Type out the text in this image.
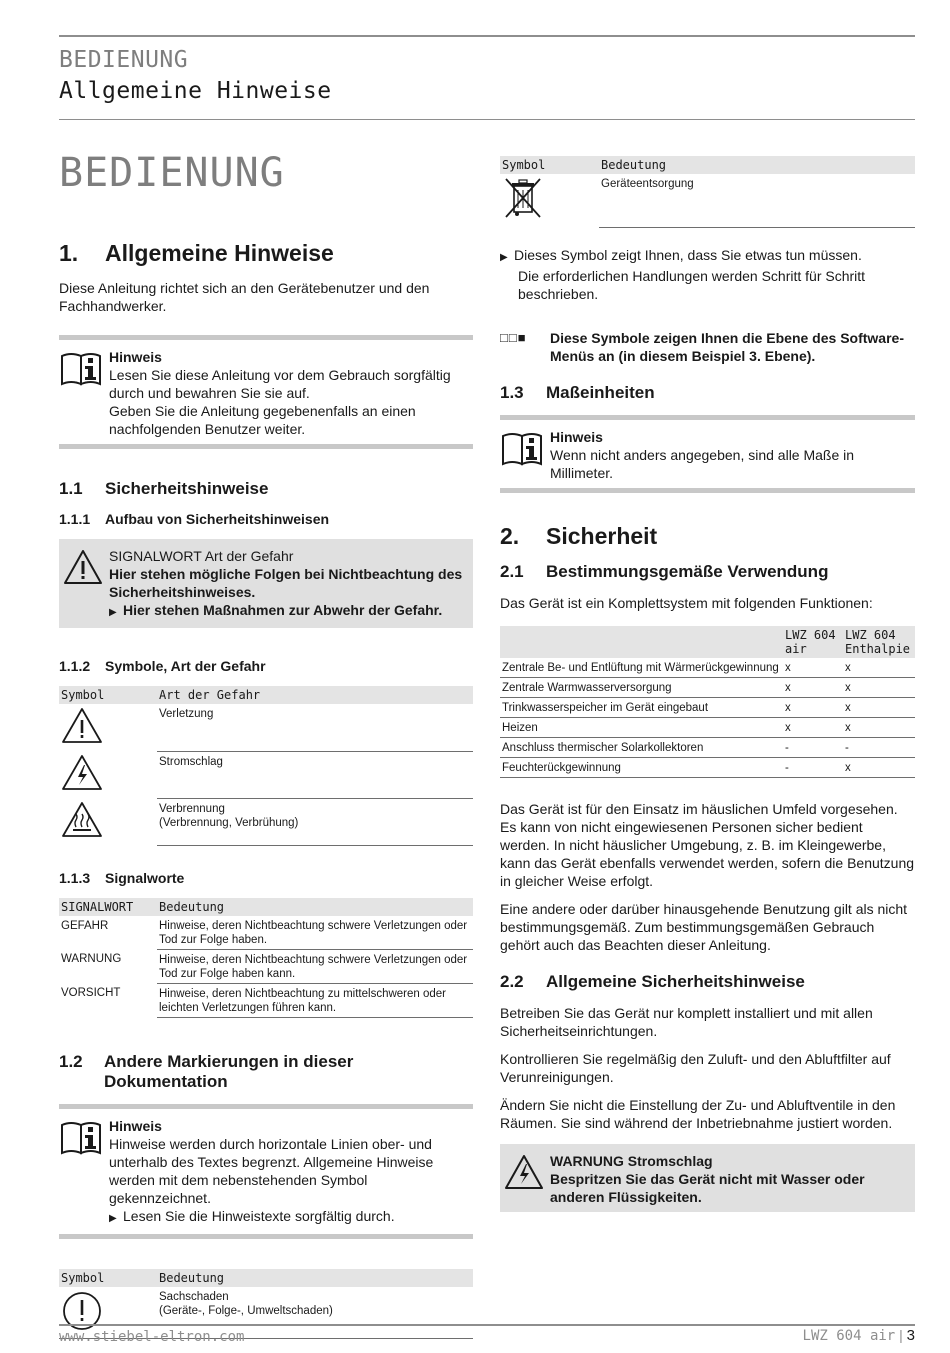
BEDIENUNG
Allgemeine Hinweise
BEDIENUNG
1.	Allgemeine Hinweise

Diese Anleitung richtet sich an den Gerätebenutzer und den Fachhandwerker.

Hinweis
Lesen Sie diese Anleitung vor dem Gebrauch sorgfältig durch und bewahren Sie sie auf.
Geben Sie die Anleitung gegebenenfalls an einen nachfolgenden Benutzer weiter.
1.1	Sicherheitshinweise
1.1.1	Aufbau von Sicherheitshinweisen
SIGNALWORT Art der Gefahr
Hier stehen mögliche Folgen bei Nichtbeachtung des Sicherheitshinweises.
▶ Hier stehen Maßnahmen zur Abwehr der Gefahr.
1.1.2	Symbole, Art der Gefahr
Symbol	Art der Gefahr
	Verletzung
	Stromschlag
	Verbrennung
(Verbrennung, Verbrühung)
1.1.3	Signalworte
SIGNALWORT	Bedeutung
GEFAHR	Hinweise, deren Nichtbeachtung schwere Verletzungen oder Tod zur Folge haben.
WARNUNG	Hinweise, deren Nichtbeachtung schwere Verletzungen oder Tod zur Folge haben kann.
VORSICHT	Hinweise, deren Nichtbeachtung zu mittelschweren oder leichten Verletzungen führen kann.
1.2	Andere Markierungen in dieser Dokumentation
Hinweis
Hinweise werden durch horizontale Linien ober- und unterhalb des Textes begrenzt. Allgemeine Hinweise werden mit dem nebenstehenden Symbol gekennzeichnet.
▶ Lesen Sie die Hinweistexte sorgfältig durch.
Symbol	Bedeutung
	Sachschaden
(Geräte-, Folge-, Umweltschaden)
Symbol	Bedeutung
	Geräteentsorgung
▶ Dieses Symbol zeigt Ihnen, dass Sie etwas tun müssen.
Die erforderlichen Handlungen werden Schritt für Schritt beschrieben.
□□■	Diese Symbole zeigen Ihnen die Ebene des Software-Menüs an (in diesem Beispiel 3. Ebene).
1.3	Maßeinheiten
Hinweis
Wenn nicht anders angegeben, sind alle Maße in Millimeter.
2.	Sicherheit
2.1	Bestimmungsgemäße Verwendung

Das Gerät ist ein Komplettsystem mit folgenden Funktionen:

	LWZ 604 air	LWZ 604 Enthalpie
Zentrale Be- und Entlüftung mit Wärmerückgewinnung	x	x
Zentrale Warmwasserversorgung	x	x
Trinkwasserspeicher im Gerät eingebaut	x	x
Heizen	x	x
Anschluss thermischer Solarkollektoren	-	-
Feuchterückgewinnung	-	x

Das Gerät ist für den Einsatz im häuslichen Umfeld vorgesehen. Es kann von nicht eingewiesenen Personen sicher bedient werden. In nicht häuslicher Umgebung, z. B. im Kleingewerbe, kann das Gerät ebenfalls verwendet werden, sofern die Benutzung in gleicher Weise erfolgt.

Eine andere oder darüber hinausgehende Benutzung gilt als nicht bestimmungsgemäß. Zum bestimmungsgemäßen Gebrauch gehört auch das Beachten dieser Anleitung.

2.2	Allgemeine Sicherheitshinweise

Betreiben Sie das Gerät nur komplett installiert und mit allen Sicherheitseinrichtungen.

Kontrollieren Sie regelmäßig den Zuluft- und den Abluftfilter auf Verunreinigungen.

Ändern Sie nicht die Einstellung der Zu- und Abluftventile in den Räumen. Sie sind während der Inbetriebnahme justiert worden.

WARNUNG Stromschlag
Bespritzen Sie das Gerät nicht mit Wasser oder anderen Flüssigkeiten.
www.stiebel-eltron.com	LWZ 604 air | 3
